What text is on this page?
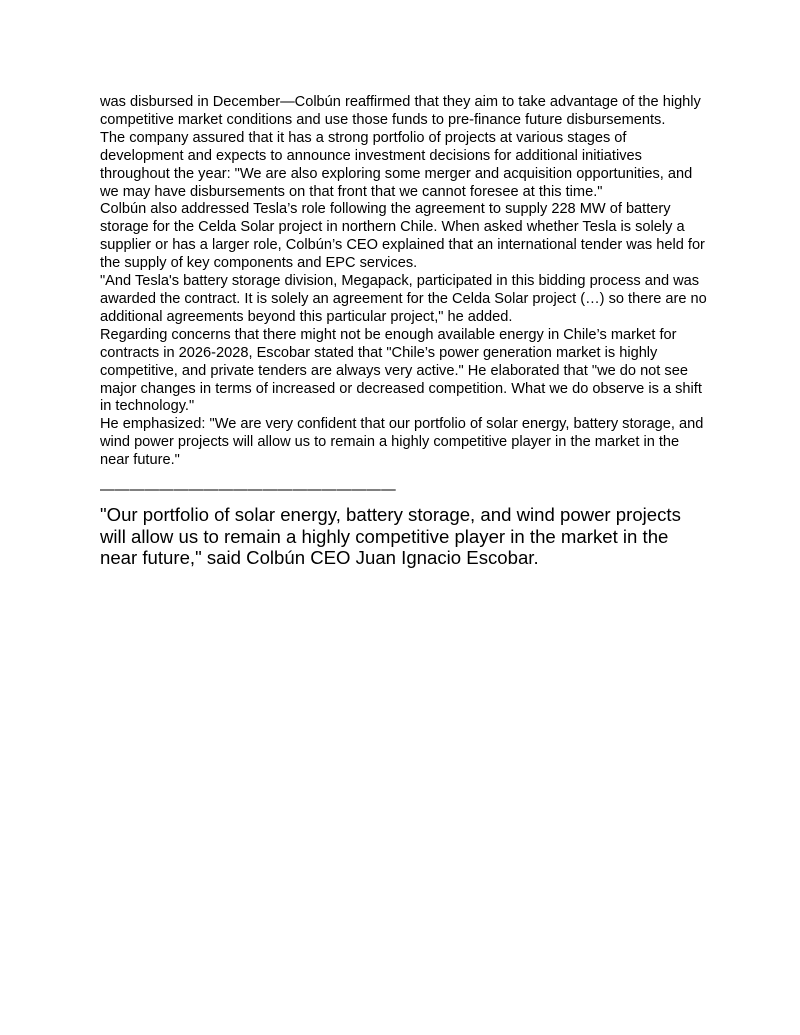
was disbursed in December—Colbún reaffirmed that they aim to take advantage of the highly competitive market conditions and use those funds to pre-finance future disbursements.

The company assured that it has a strong portfolio of projects at various stages of development and expects to announce investment decisions for additional initiatives throughout the year: "We are also exploring some merger and acquisition opportunities, and we may have disbursements on that front that we cannot foresee at this time."

Colbún also addressed Tesla’s role following the agreement to supply 228 MW of battery storage for the Celda Solar project in northern Chile. When asked whether Tesla is solely a supplier or has a larger role, Colbún’s CEO explained that an international tender was held for the supply of key components and EPC services.

"And Tesla's battery storage division, Megapack, participated in this bidding process and was awarded the contract. It is solely an agreement for the Celda Solar project (…) so there are no additional agreements beyond this particular project," he added.

Regarding concerns that there might not be enough available energy in Chile’s market for contracts in 2026-2028, Escobar stated that "Chile’s power generation market is highly competitive, and private tenders are always very active." He elaborated that "we do not see major changes in terms of increased or decreased competition. What we do observe is a shift in technology."

He emphasized: "We are very confident that our portfolio of solar energy, battery storage, and wind power projects will allow us to remain a highly competitive player in the market in the near future."

————————————————————

"Our portfolio of solar energy, battery storage, and wind power projects will allow us to remain a highly competitive player in the market in the near future," said Colbún CEO Juan Ignacio Escobar.
